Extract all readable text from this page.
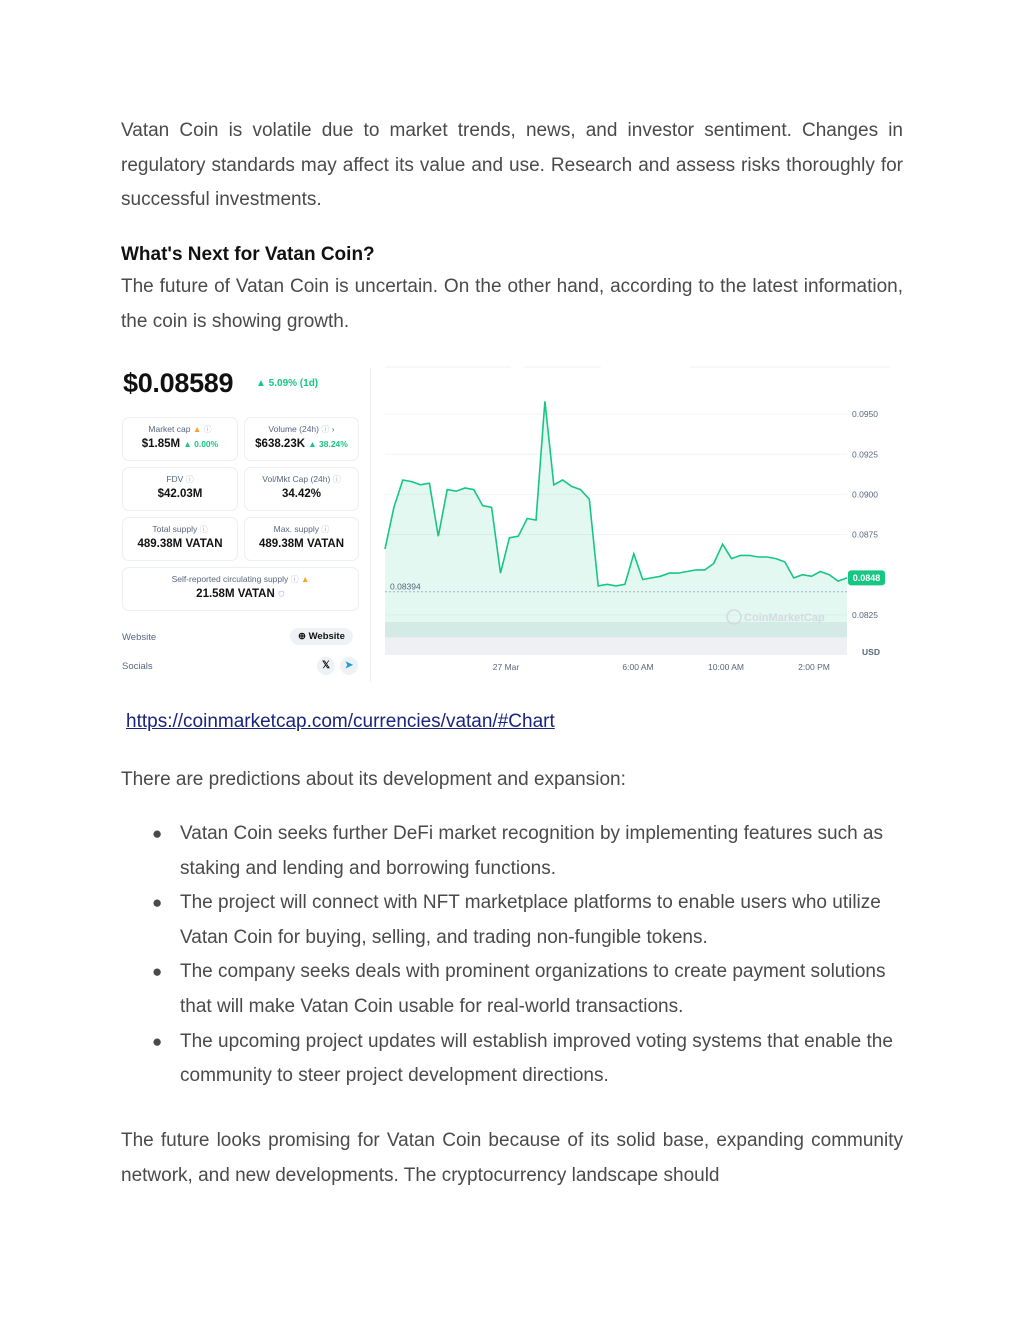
Vatan Coin is volatile due to market trends, news, and investor sentiment. Changes in regulatory standards may affect its value and use. Research and assess risks thoroughly for successful investments.

What's Next for Vatan Coin?

The future of Vatan Coin is uncertain. On the other hand, according to the latest information, the coin is showing growth.

$0.08589 ▲ 5.09% (1d)
Market cap ▲ ⓘ
$1.85M ▲ 0.00%
Volume (24h) ⓘ ›
$638.23K ▲ 38.24%
FDV ⓘ
$42.03M
Vol/Mkt Cap (24h) ⓘ
34.42%
Total supply ⓘ
489.38M VATAN
Max. supply ⓘ
489.38M VATAN
Self-reported circulating supply ⓘ ▲
21.58M VATAN ◌
Website	⊕ Website
Socials	𝕏	➤
0.08394
0.0950
0.0925
0.0900
0.0875
0.0825
0.0848
USD
CoinMarketCap
27 Mar	6:00 AM	10:00 AM	2:00 PM
https://coinmarketcap.com/currencies/vatan/#Chart

There are predictions about its development and expansion:

● Vatan Coin seeks further DeFi market recognition by implementing features such as staking and lending and borrowing functions.
● The project will connect with NFT marketplace platforms to enable users who utilize Vatan Coin for buying, selling, and trading non-fungible tokens.
● The company seeks deals with prominent organizations to create payment solutions that will make Vatan Coin usable for real-world transactions.
● The upcoming project updates will establish improved voting systems that enable the community to steer project development directions.

The future looks promising for Vatan Coin because of its solid base, expanding community network, and new developments. The cryptocurrency landscape should
